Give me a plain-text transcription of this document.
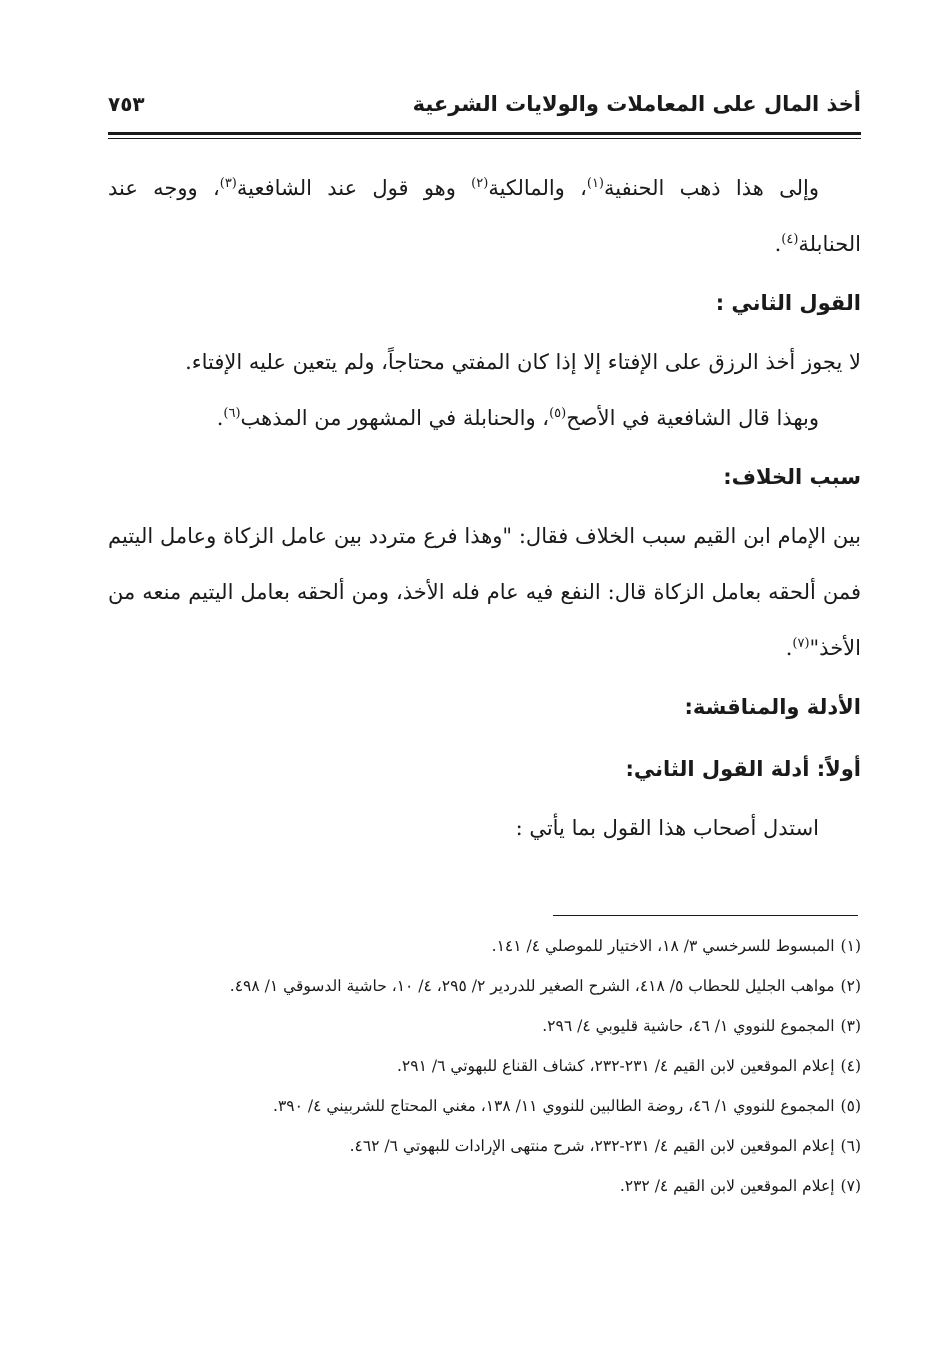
أخذ المال على المعاملات والولايات الشرعية
٧٥٣

وإلى هذا ذهب الحنفية$^{(١)}$، والمالكية$^{(٢)}$ وهو قول عند الشافعية$^{(٣)}$، ووجه عند الحنابلة$^{(٤)}$.

القول الثاني :

لا يجوز أخذ الرزق على الإفتاء إلا إذا كان المفتي محتاجاً، ولم يتعين عليه الإفتاء.

وبهذا قال الشافعية في الأصح$^{(٥)}$، والحنابلة في المشهور من المذهب$^{(٦)}$.

سبب الخلاف:

بين الإمام ابن القيم سبب الخلاف فقال: "وهذا فرع متردد بين عامل الزكاة وعامل اليتيم فمن ألحقه بعامل الزكاة قال: النفع فيه عام فله الأخذ، ومن ألحقه بعامل اليتيم منعه من الأخذ"$^{(٧)}$.

الأدلة والمناقشة:

أولاً: أدلة القول الثاني:

استدل أصحاب هذا القول بما يأتي :

(١)المبسوط للسرخسي ٣/ ١٨، الاختيار للموصلي ٤/ ١٤١.

(٢)مواهب الجليل للحطاب ٥/ ٤١٨، الشرح الصغير للدردير ٢/ ٢٩٥، ٤/ ١٠، حاشية الدسوقي ١/ ٤٩٨.

(٣)المجموع للنووي ١/ ٤٦، حاشية قليوبي ٤/ ٢٩٦.

(٤)إعلام الموقعين لابن القيم ٤/ ٢٣١-٢٣٢، كشاف القناع للبهوتي ٦/ ٢٩١.

(٥)المجموع للنووي ١/ ٤٦، روضة الطالبين للنووي ١١/ ١٣٨، مغني المحتاج للشربيني ٤/ ٣٩٠.

(٦)إعلام الموقعين لابن القيم ٤/ ٢٣١-٢٣٢، شرح منتهى الإرادات للبهوتي ٦/ ٤٦٢.

(٧)إعلام الموقعين لابن القيم ٤/ ٢٣٢.
